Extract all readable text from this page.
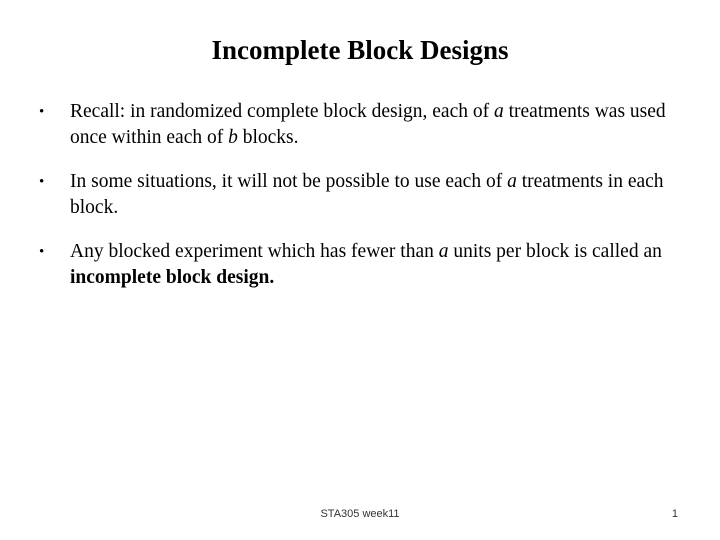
Incomplete Block Designs
• Recall: in randomized complete block design, each of a treatments was used once within each of b blocks.
• In some situations, it will not be possible to use each of a treatments in each block.
• Any blocked experiment which has fewer than a units per block is called an incomplete block design.
STA305 week11	1
